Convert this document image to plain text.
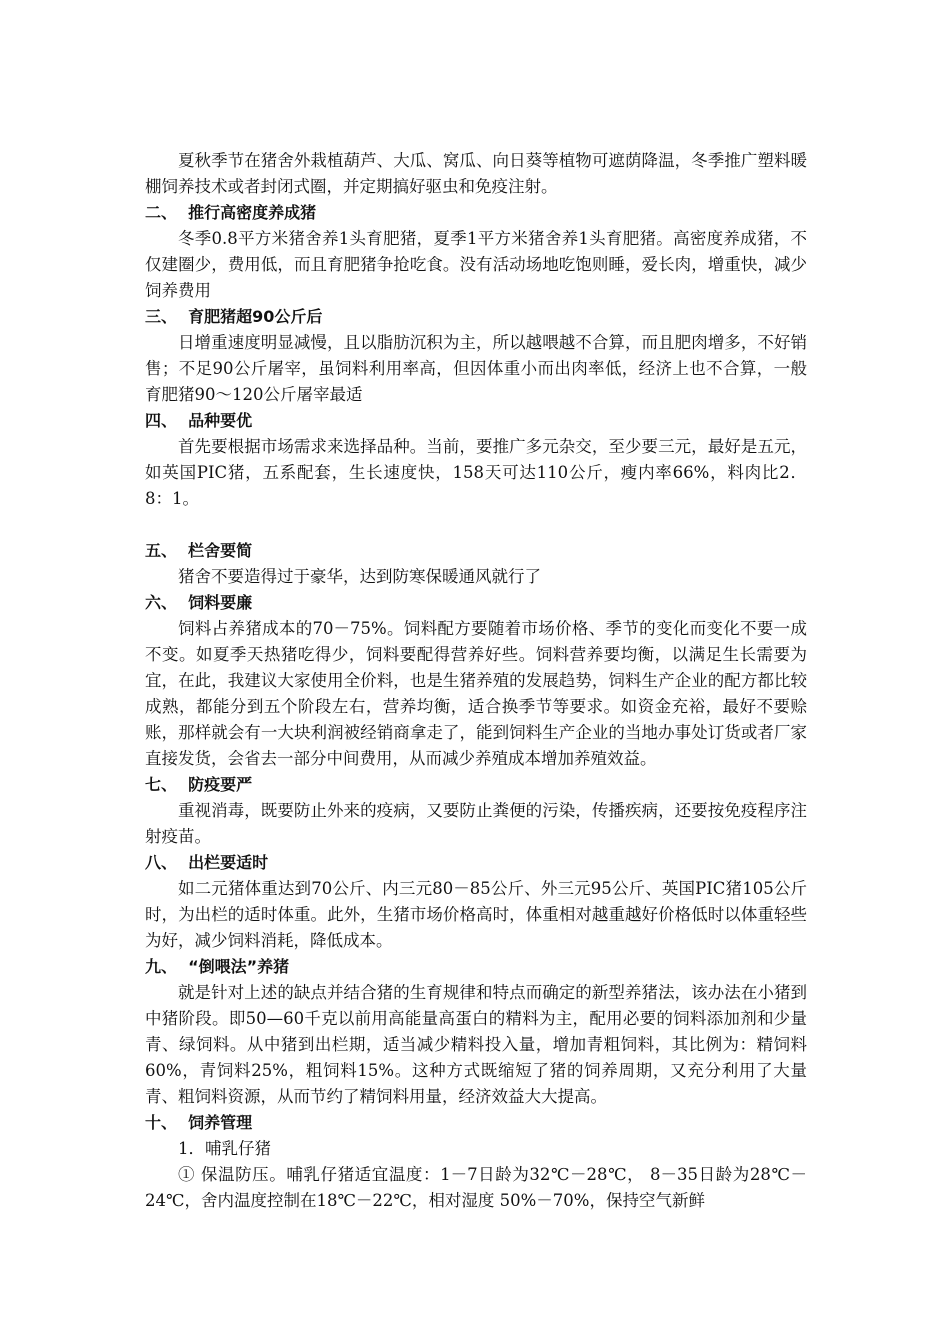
夏秋季节在猪舍外栽植葫芦、大瓜、窝瓜、向日葵等植物可遮荫降温，冬季推广塑料暖棚饲养技术或者封闭式圈，并定期搞好驱虫和免疫注射。

二、  推行高密度养成猪

冬季0.8平方米猪舍养1头育肥猪，夏季1平方米猪舍养1头育肥猪。高密度养成猪，不仅建圈少，费用低，而且育肥猪争抢吃食。没有活动场地吃饱则睡，爱长肉，增重快，减少饲养费用

三、  育肥猪超90公斤后

日增重速度明显减慢，且以脂肪沉积为主，所以越喂越不合算，而且肥肉增多，不好销售；不足90公斤屠宰，虽饲料利用率高，但因体重小而出肉率低，经济上也不合算，一般育肥猪90～120公斤屠宰最适

四、  品种要优

首先要根据市场需求来选择品种。当前，要推广多元杂交，至少要三元，最好是五元，如英国PIC猪，五系配套，生长速度快，158天可达110公斤，瘦内率66%，料肉比2．8：1。

五、  栏舍要简

猪舍不要造得过于豪华，达到防寒保暖通风就行了

六、  饲料要廉

饲料占养猪成本的70－75%。饲料配方要随着市场价格、季节的变化而变化不要一成不变。如夏季天热猪吃得少，饲料要配得营养好些。饲料营养要均衡，以满足生长需要为宜，在此，我建议大家使用全价料，也是生猪养殖的发展趋势，饲料生产企业的配方都比较成熟，都能分到五个阶段左右，营养均衡，适合换季节等要求。如资金充裕，最好不要赊账，那样就会有一大块利润被经销商拿走了，能到饲料生产企业的当地办事处订货或者厂家直接发货，会省去一部分中间费用，从而减少养殖成本增加养殖效益。

七、  防疫要严

重视消毒，既要防止外来的疫病，又要防止粪便的污染，传播疾病，还要按免疫程序注射疫苗。

八、  出栏要适时

如二元猪体重达到70公斤、内三元80－85公斤、外三元95公斤、英国PIC猪105公斤时，为出栏的适时体重。此外，生猪市场价格高时，体重相对越重越好价格低时以体重轻些为好，减少饲料消耗，降低成本。

九、  “倒喂法”养猪

就是针对上述的缺点并结合猪的生育规律和特点而确定的新型养猪法，该办法在小猪到中猪阶段。即50—60千克以前用高能量高蛋白的精料为主，配用必要的饲料添加剂和少量青、绿饲料。从中猪到出栏期，适当减少精料投入量，增加青粗饲料，其比例为：精饲料60%，青饲料25%，粗饲料15%。这种方式既缩短了猪的饲养周期，又充分利用了大量青、粗饲料资源，从而节约了精饲料用量，经济效益大大提高。

十、  饲养管理

1．哺乳仔猪

① 保温防压。哺乳仔猪适宜温度：1－7日龄为32℃－28℃， 8－35日龄为28℃－24℃，舍内温度控制在18℃－22℃，相对湿度 50%－70%，保持空气新鲜
